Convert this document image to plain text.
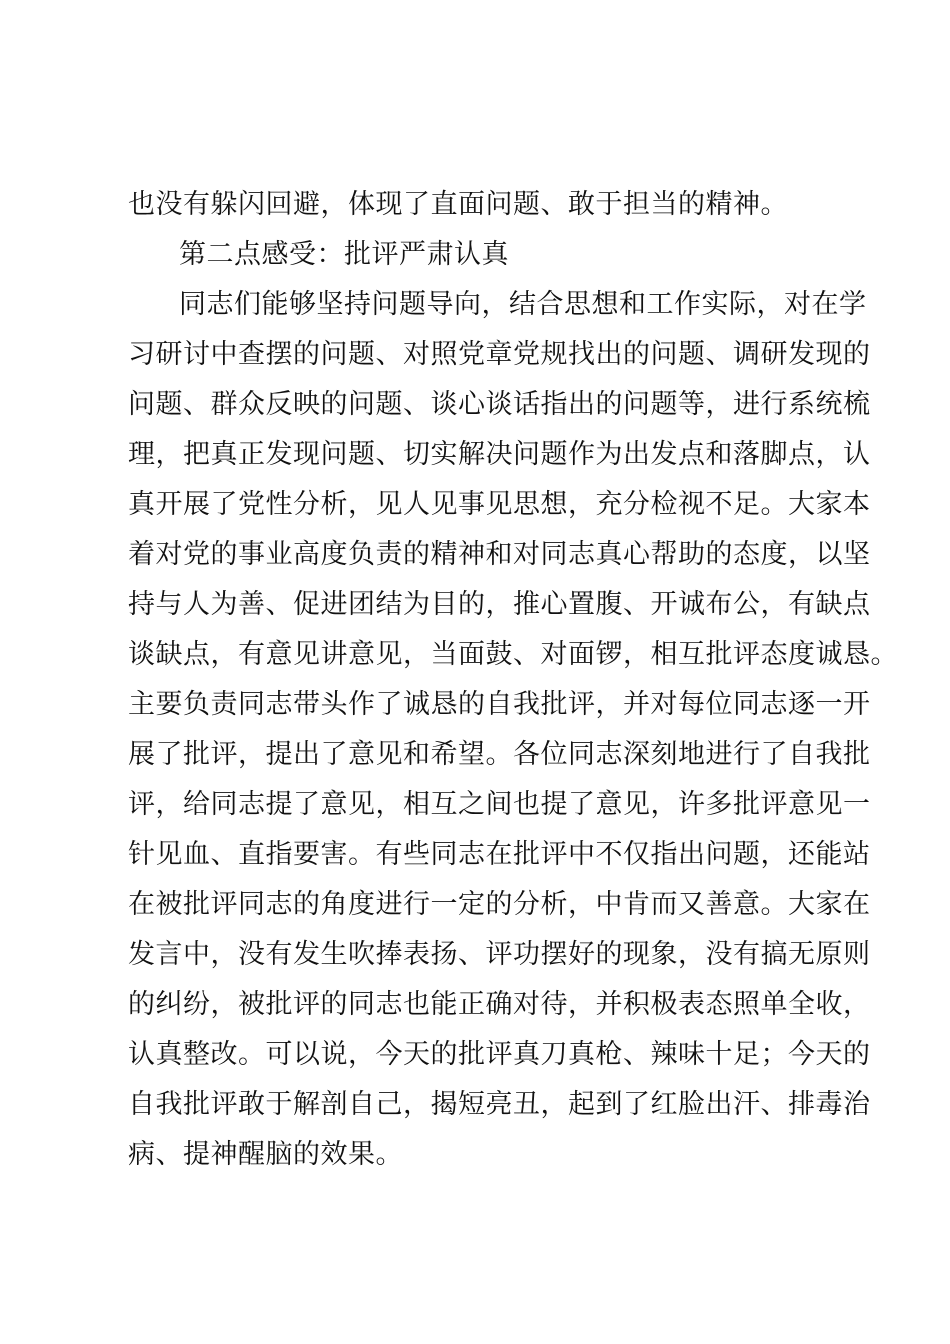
也没有躲闪回避，体现了直面问题、敢于担当的精神。

第二点感受：批评严肃认真

同志们能够坚持问题导向，结合思想和工作实际，对在学

习研讨中查摆的问题、对照党章党规找出的问题、调研发现的

问题、群众反映的问题、谈心谈话指出的问题等，进行系统梳

理，把真正发现问题、切实解决问题作为出发点和落脚点，认

真开展了党性分析，见人见事见思想，充分检视不足。大家本

着对党的事业高度负责的精神和对同志真心帮助的态度，以坚

持与人为善、促进团结为目的，推心置腹、开诚布公，有缺点

谈缺点，有意见讲意见，当面鼓、对面锣，相互批评态度诚恳。

主要负责同志带头作了诚恳的自我批评，并对每位同志逐一开

展了批评，提出了意见和希望。各位同志深刻地进行了自我批

评，给同志提了意见，相互之间也提了意见，许多批评意见一

针见血、直指要害。有些同志在批评中不仅指出问题，还能站

在被批评同志的角度进行一定的分析，中肯而又善意。大家在

发言中，没有发生吹捧表扬、评功摆好的现象，没有搞无原则

的纠纷，被批评的同志也能正确对待，并积极表态照单全收，

认真整改。可以说，今天的批评真刀真枪、辣味十足；今天的

自我批评敢于解剖自己，揭短亮丑，起到了红脸出汗、排毒治

病、提神醒脑的效果。
